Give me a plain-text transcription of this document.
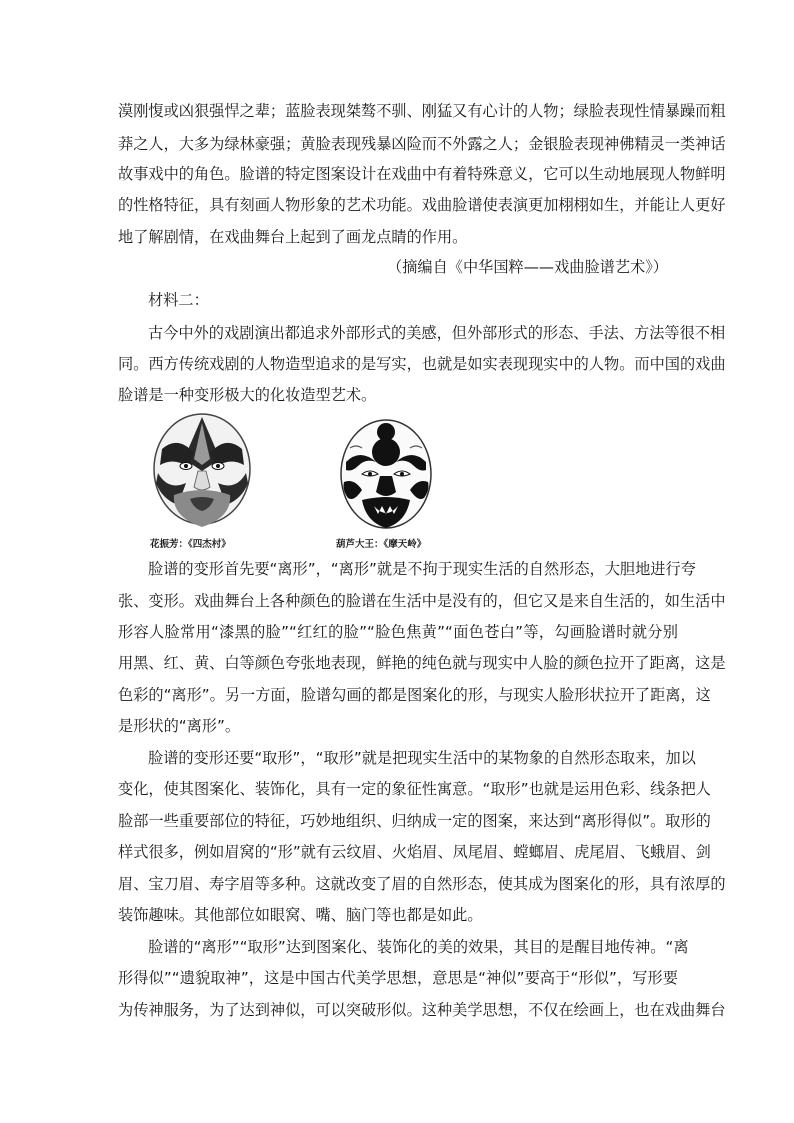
漠刚愎或凶狠强悍之辈；蓝脸表现桀骜不驯、刚猛又有心计的人物；绿脸表现性情暴躁而粗
莽之人，大多为绿林豪强；黄脸表现残暴凶险而不外露之人；金银脸表现神佛精灵一类神话
故事戏中的角色。脸谱的特定图案设计在戏曲中有着特殊意义，它可以生动地展现人物鲜明
的性格特征，具有刻画人物形象的艺术功能。戏曲脸谱使表演更加栩栩如生，并能让人更好
地了解剧情，在戏曲舞台上起到了画龙点睛的作用。
（摘编自《中华国粹——戏曲脸谱艺术》）
材料二：
古今中外的戏剧演出都追求外部形式的美感，但外部形式的形态、手法、方法等很不相
同。西方传统戏剧的人物造型追求的是写实，也就是如实表现现实中的人物。而中国的戏曲
脸谱是一种变形极大的化妆造型艺术。
花振芳：《四杰村》	葫芦大王：《摩天岭》
脸谱的变形首先要“离形”，“离形”就是不拘于现实生活的自然形态，大胆地进行夸
张、变形。戏曲舞台上各种颜色的脸谱在生活中是没有的，但它又是来自生活的，如生活中
形容人脸常用“漆黑的脸”“红红的脸”“脸色焦黄”“面色苍白”等，勾画脸谱时就分别
用黑、红、黄、白等颜色夸张地表现，鲜艳的纯色就与现实中人脸的颜色拉开了距离，这是
色彩的“离形”。另一方面，脸谱勾画的都是图案化的形，与现实人脸形状拉开了距离，这
是形状的“离形”。
脸谱的变形还要“取形”，“取形”就是把现实生活中的某物象的自然形态取来，加以
变化，使其图案化、装饰化，具有一定的象征性寓意。“取形”也就是运用色彩、线条把人
脸部一些重要部位的特征，巧妙地组织、归纳成一定的图案，来达到“离形得似”。取形的
样式很多，例如眉窝的“形”就有云纹眉、火焰眉、凤尾眉、螳螂眉、虎尾眉、飞蛾眉、剑
眉、宝刀眉、寿字眉等多种。这就改变了眉的自然形态，使其成为图案化的形，具有浓厚的
装饰趣味。其他部位如眼窝、嘴、脑门等也都是如此。
脸谱的“离形”“取形”达到图案化、装饰化的美的效果，其目的是醒目地传神。“离
形得似”“遗貌取神”，这是中国古代美学思想，意思是“神似”要高于“形似”，写形要
为传神服务，为了达到神似，可以突破形似。这种美学思想，不仅在绘画上，也在戏曲舞台
